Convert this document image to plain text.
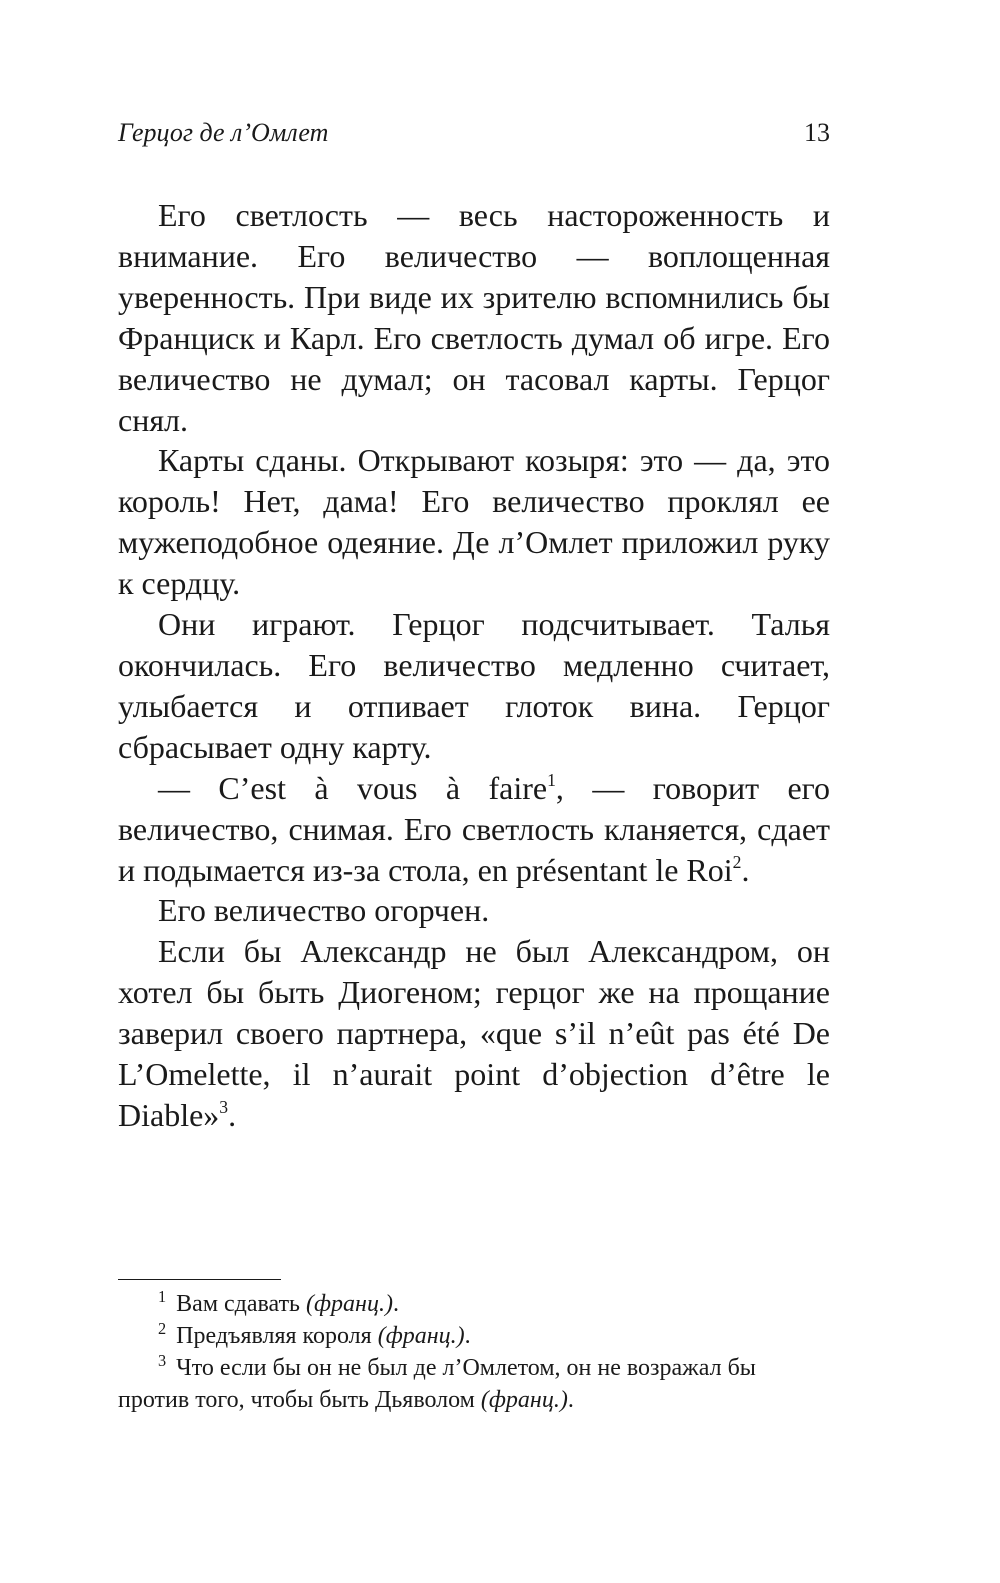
Герцог де л’Омлет	13

Его светлость — весь настороженность и внимание. Его величество — воплощенная уверенность. При виде их зрителю вспомнились бы Франциск и Карл. Его светлость думал об игре. Его величество не думал; он тасовал карты. Герцог снял.

Карты сданы. Открывают козыря: это — да, это король! Нет, дама! Его величество проклял ее мужеподобное одеяние. Де л’Омлет приложил руку к сердцу.

Они играют. Герцог подсчитывает. Талья окончилась. Его величество медленно считает, улыбается и отпивает глоток вина. Герцог сбрасывает одну карту.

— C’est à vous à faire$^1$, — говорит его величество, снимая. Его светлость кланяется, сдает и подымается из-за стола, en présentant le Roi$^2$.

Его величество огорчен.

Если бы Александр не был Александром, он хотел бы быть Диогеном; герцог же на прощание заверил своего партнера, «que s’il n’eût pas été De L’Omelette, il n’aurait point d’objection d’être le Diable»$^3$.

$^1$ Вам сдавать (франц.).

$^2$ Предъявляя короля (франц.).

$^3$ Что если бы он не был де л’Омлетом, он не возражал бы против того, чтобы быть Дьяволом (франц.).
